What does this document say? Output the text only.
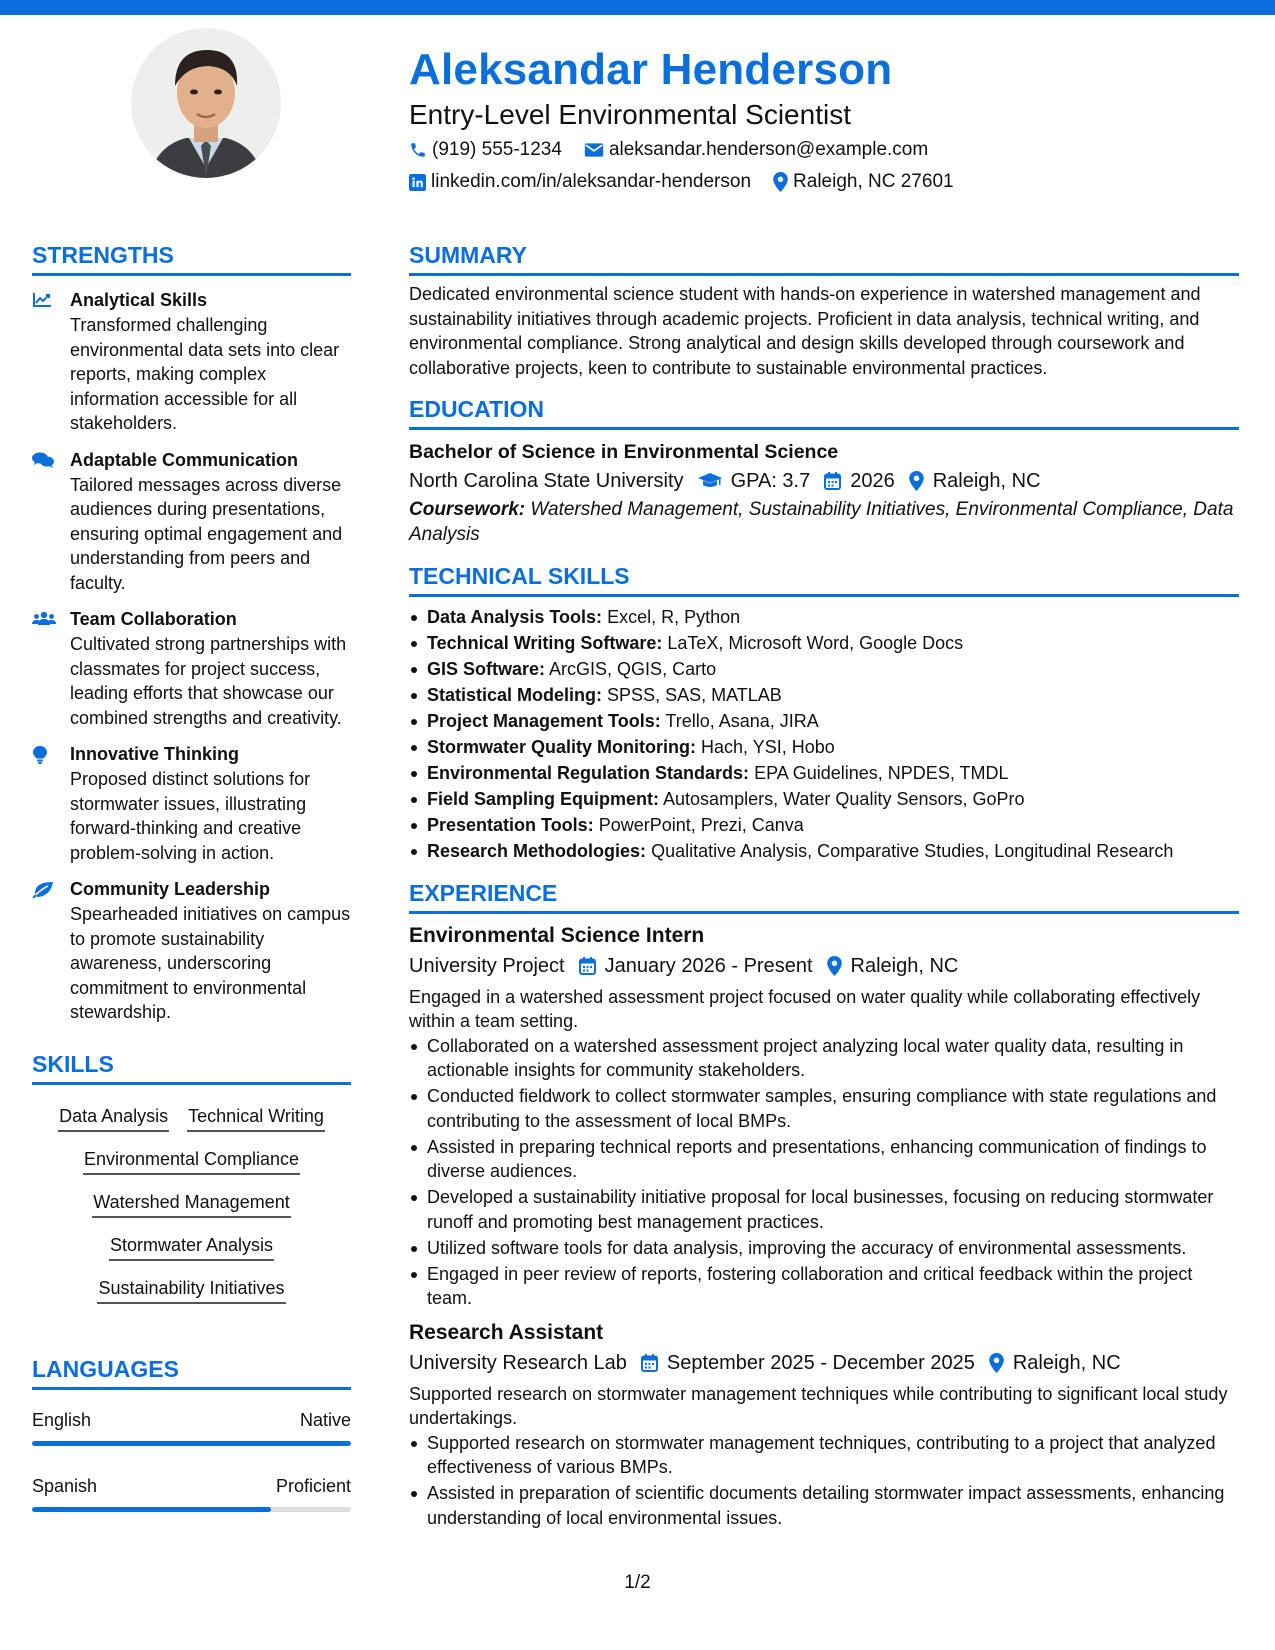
Aleksandar Henderson
Entry-Level Environmental Scientist
(919) 555-1234 aleksandar.henderson@example.com
linkedin.com/in/aleksandar-henderson Raleigh, NC 27601
STRENGTHS
Analytical Skills
Transformed challenging environmental data sets into clear reports, making complex information accessible for all stakeholders.
Adaptable Communication
Tailored messages across diverse audiences during presentations, ensuring optimal engagement and understanding from peers and faculty.
Team Collaboration
Cultivated strong partnerships with classmates for project success, leading efforts that showcase our combined strengths and creativity.
Innovative Thinking
Proposed distinct solutions for stormwater issues, illustrating forward-thinking and creative problem-solving in action.
Community Leadership
Spearheaded initiatives on campus to promote sustainability awareness, underscoring commitment to environmental stewardship.
SKILLS
Data Analysis Technical Writing
Environmental Compliance
Watershed Management
Stormwater Analysis
Sustainability Initiatives
LANGUAGES
English	Native
Spanish	Proficient
SUMMARY
Dedicated environmental science student with hands-on experience in watershed management and sustainability initiatives through academic projects. Proficient in data analysis, technical writing, and environmental compliance. Strong analytical and design skills developed through coursework and collaborative projects, keen to contribute to sustainable environmental practices.
EDUCATION
Bachelor of Science in Environmental Science
North Carolina State University GPA: 3.7 2026 Raleigh, NC
Coursework: Watershed Management, Sustainability Initiatives, Environmental Compliance, Data Analysis
TECHNICAL SKILLS
Data Analysis Tools: Excel, R, Python
Technical Writing Software: LaTeX, Microsoft Word, Google Docs
GIS Software: ArcGIS, QGIS, Carto
Statistical Modeling: SPSS, SAS, MATLAB
Project Management Tools: Trello, Asana, JIRA
Stormwater Quality Monitoring: Hach, YSI, Hobo
Environmental Regulation Standards: EPA Guidelines, NPDES, TMDL
Field Sampling Equipment: Autosamplers, Water Quality Sensors, GoPro
Presentation Tools: PowerPoint, Prezi, Canva
Research Methodologies: Qualitative Analysis, Comparative Studies, Longitudinal Research
EXPERIENCE
Environmental Science Intern
University Project January 2026 - Present Raleigh, NC
Engaged in a watershed assessment project focused on water quality while collaborating effectively within a team setting.
Collaborated on a watershed assessment project analyzing local water quality data, resulting in actionable insights for community stakeholders.
Conducted fieldwork to collect stormwater samples, ensuring compliance with state regulations and contributing to the assessment of local BMPs.
Assisted in preparing technical reports and presentations, enhancing communication of findings to diverse audiences.
Developed a sustainability initiative proposal for local businesses, focusing on reducing stormwater runoff and promoting best management practices.
Utilized software tools for data analysis, improving the accuracy of environmental assessments.
Engaged in peer review of reports, fostering collaboration and critical feedback within the project team.
Research Assistant
University Research Lab September 2025 - December 2025 Raleigh, NC
Supported research on stormwater management techniques while contributing to significant local study undertakings.
Supported research on stormwater management techniques, contributing to a project that analyzed effectiveness of various BMPs.
Assisted in preparation of scientific documents detailing stormwater impact assessments, enhancing understanding of local environmental issues.
1/2
